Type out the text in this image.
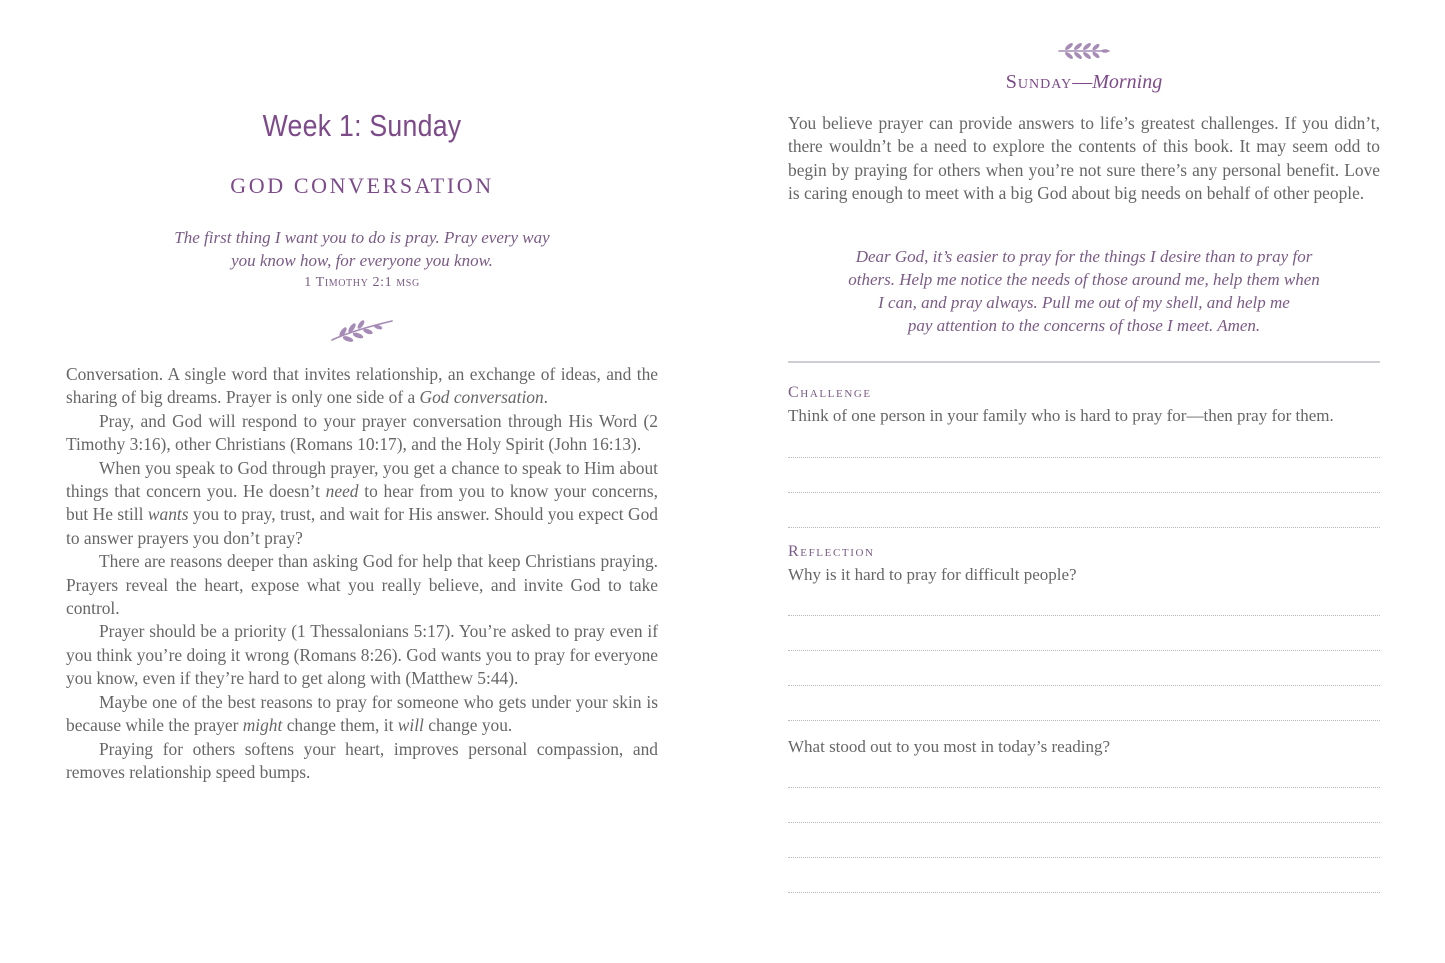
Week 1: Sunday
GOD CONVERSATION
The first thing I want you to do is pray. Pray every way
you know how, for everyone you know.
1 Timothy 2:1 msg

Conversation. A single word that invites relationship, an exchange of ideas, and the sharing of big dreams. Prayer is only one side of a God conversation.

Pray, and God will respond to your prayer conversation through His Word (2 Timothy 3:16), other Christians (Romans 10:17), and the Holy Spirit (John 16:13).

When you speak to God through prayer, you get a chance to speak to Him about things that concern you. He doesn’t need to hear from you to know your concerns, but He still wants you to pray, trust, and wait for His answer. Should you expect God to answer prayers you don’t pray?

There are reasons deeper than asking God for help that keep Christians praying. Prayers reveal the heart, expose what you really believe, and invite God to take control.

Prayer should be a priority (1 Thessalonians 5:17). You’re asked to pray even if you think you’re doing it wrong (Romans 8:26). God wants you to pray for everyone you know, even if they’re hard to get along with (Matthew 5:44).

Maybe one of the best reasons to pray for someone who gets under your skin is because while the prayer might change them, it will change you.

Praying for others softens your heart, improves personal compassion, and removes relationship speed bumps.

Sunday—Morning

You believe prayer can provide answers to life’s greatest challenges. If you didn’t, there wouldn’t be a need to explore the contents of this book. It may seem odd to begin by praying for others when you’re not sure there’s any personal benefit. Love is caring enough to meet with a big God about big needs on behalf of other people.

Dear God, it’s easier to pray for the things I desire than to pray for
others. Help me notice the needs of those around me, help them when
I can, and pray always. Pull me out of my shell, and help me
pay attention to the concerns of those I meet. Amen.
Challenge
Think of one person in your family who is hard to pray for—then pray for them.
Reflection
Why is it hard to pray for difficult people?
What stood out to you most in today’s reading?
